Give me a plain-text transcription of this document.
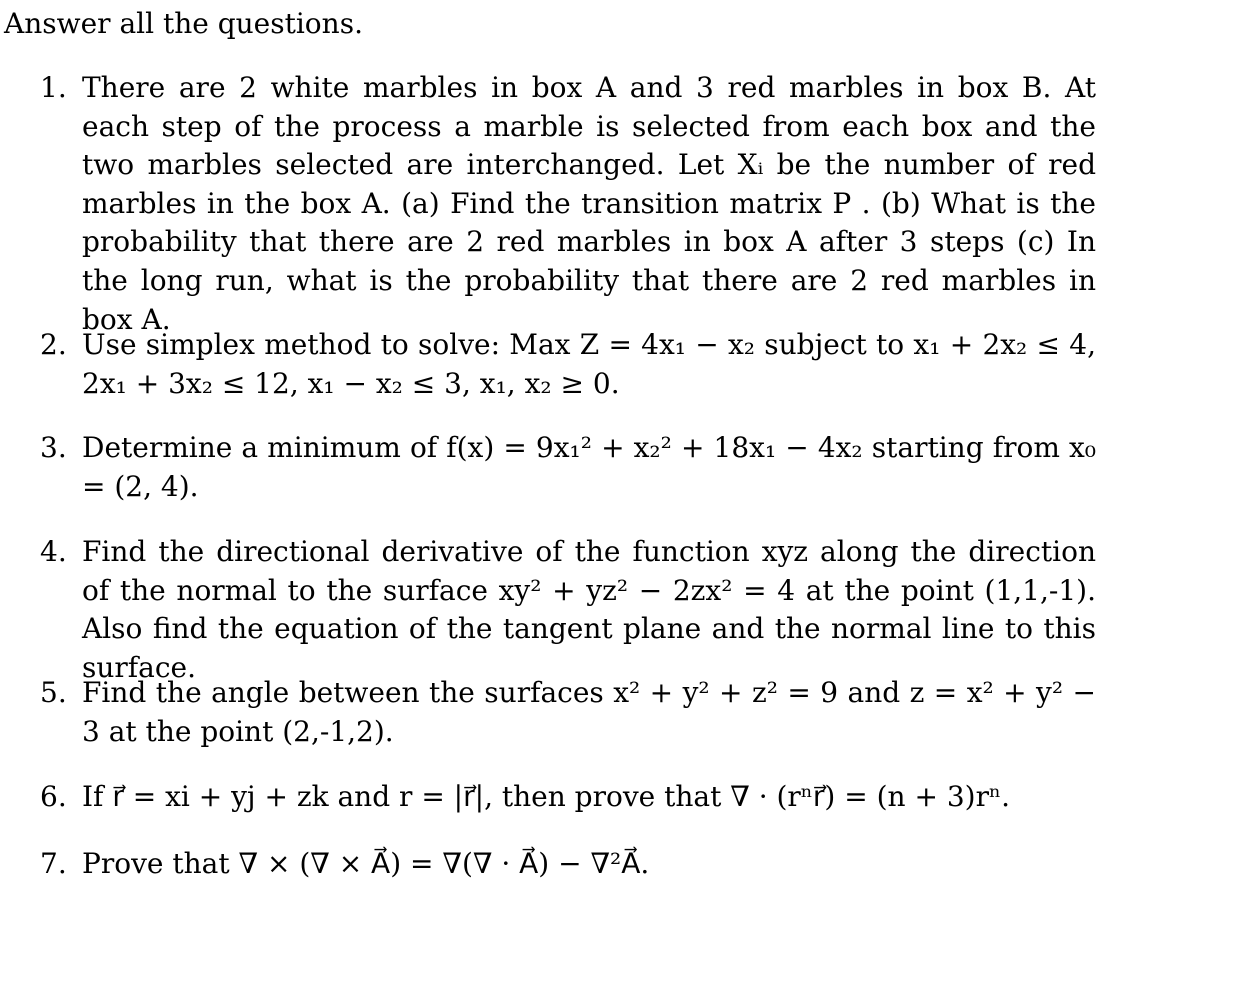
Answer all the questions.
1. There are 2 white marbles in box A and 3 red marbles in box B. At each step of the process a marble is selected from each box and the two marbles selected are interchanged. Let Xᵢ be the number of red marbles in the box A. (a) Find the transition matrix P . (b) What is the probability that there are 2 red marbles in box A after 3 steps (c) In the long run, what is the probability that there are 2 red marbles in box A.
2. Use simplex method to solve: Max Z = 4x₁ − x₂ subject to x₁ + 2x₂ ≤ 4, 2x₁ + 3x₂ ≤ 12, x₁ − x₂ ≤ 3, x₁, x₂ ≥ 0.
3. Determine a minimum of f(x) = 9x₁² + x₂² + 18x₁ − 4x₂ starting from x₀ = (2, 4).
4. Find the directional derivative of the function xyz along the direction of the normal to the surface xy² + yz² − 2zx² = 4 at the point (1,1,-1). Also find the equation of the tangent plane and the normal line to this surface.
5. Find the angle between the surfaces x² + y² + z² = 9 and z = x² + y² − 3 at the point (2,-1,2).
6. If r⃗ = xi + yj + zk and r = |r⃗|, then prove that ∇ · (rⁿr⃗) = (n + 3)rⁿ.
7. Prove that ∇ × (∇ × A⃗) = ∇(∇ · A⃗) − ∇²A⃗.
